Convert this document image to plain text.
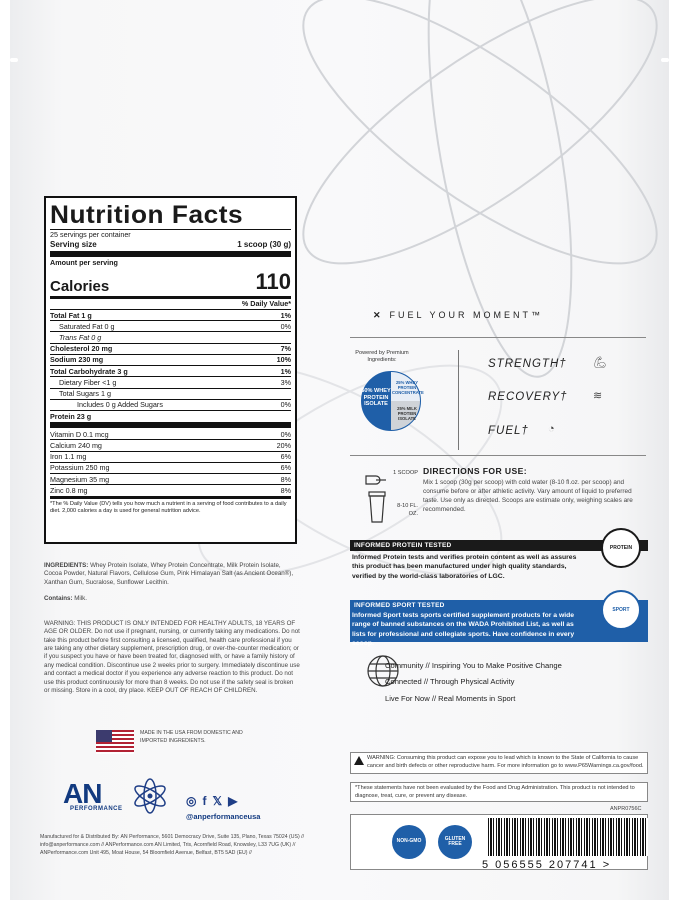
Nutrition Facts
25 servings per container
Serving size	1 scoop (30 g)
Amount per serving
Calories	110
% Daily Value*
Total Fat 1 g	1%
Saturated Fat 0 g	0%
Trans Fat 0 g
Cholesterol 20 mg	7%
Sodium 230 mg	10%
Total Carbohydrate 3 g	1%
Dietary Fiber <1 g	3%
Total Sugars 1 g
Includes 0 g Added Sugars	0%
Protein 23 g
Vitamin D 0.1 mcg	0%
Calcium 240 mg	20%
Iron 1.1 mg	6%
Potassium 250 mg	6%
Magnesium 35 mg	8%
Zinc 0.8 mg	8%
*The % Daily Value (DV) tells you how much a nutrient in a serving of food contributes to a daily diet. 2,000 calories a day is used for general nutrition advice.
INGREDIENTS: Whey Protein Isolate, Whey Protein Concentrate, Milk Protein Isolate, Cocoa Powder, Natural Flavors, Cellulose Gum, Pink Himalayan Salt (as Ancient Ocean®), Xanthan Gum, Sucralose, Sunflower Lecithin.

Contains: Milk.
WARNING: THIS PRODUCT IS ONLY INTENDED FOR HEALTHY ADULTS, 18 YEARS OF AGE OR OLDER. Do not use if pregnant, nursing, or currently taking any medications. Do not take this product before first consulting a licensed, qualified, health care professional if you are taking any other dietary supplement, prescription drug, or over-the-counter medication; or if you suspect you have or have been treated for, diagnosed with, or have a family history of any medical condition. Discontinue use 2 weeks prior to surgery. Immediately discontinue use and contact a medical doctor if you experience any adverse reaction to this product. Do not use this product continuously for more than 8 weeks. Do not use if the safety seal is broken or missing. Store in a cool, dry place. KEEP OUT OF REACH OF CHILDREN.
MADE IN THE USA FROM DOMESTIC AND IMPORTED INGREDIENTS.
AN
PERFORMANCE
◎ f 𝕏 ▶
@anperformanceusa
Manufactured for & Distributed By: AN Performance, 5601 Democracy Drive, Suite 135, Plano, Texas 75024 (US) // info@anperformance.com // ANPerformance.com AN Limited, Tris, Acornfield Road, Knowsley, L33 7UG (UK) // ANPerformance.com Unit 495, Moat House, 54 Bloomfield Avenue, Belfast, BT5 5AD (EU) //
✕ FUEL YOUR MOMENT™
Powered by Premium Ingredients:
50% WHEY PROTEIN ISOLATE
25% WHEY PROTEIN CONCENTRATE
25% MILK PROTEIN ISOLATE
STRENGTH† 💪︎
RECOVERY† ≋
FUEL† ◔
1 SCOOP
8-10 FL. OZ.
DIRECTIONS FOR USE:

Mix 1 scoop (30g per scoop) with cold water (8-10 fl.oz. per scoop) and consume before or after athletic activity. Vary amount of liquid to preferred taste. Use only as directed. Scoops are estimate only, weighing scales are recommended.

INFORMED PROTEIN TESTED
Informed Protein tests and verifies protein content as well as assures this product has been manufactured under high quality standards, verified by the world-class laboratories of LGC.
PROTEIN
INFORMED SPORT TESTED
Informed Sport tests sports certified supplement products for a wide range of banned substances on the WADA Prohibited List, as well as lists for professional and collegiate sports. Have confidence in every scoop.
SPORT
Community // Inspiring You to Make Positive Change
Connected // Through Physical Activity
Live For Now // Real Moments in Sport
WARNING: Consuming this product can expose you to lead which is known to the State of California to cause cancer and birth defects or other reproductive harm. For more information go to www.P65Warnings.ca.gov/food.
*These statements have not been evaluated by the Food and Drug Administration. This product is not intended to diagnose, treat, cure, or prevent any disease.
ANPR0756C
NON-GMO	GLUTEN FREE
5 056555 207741 >
